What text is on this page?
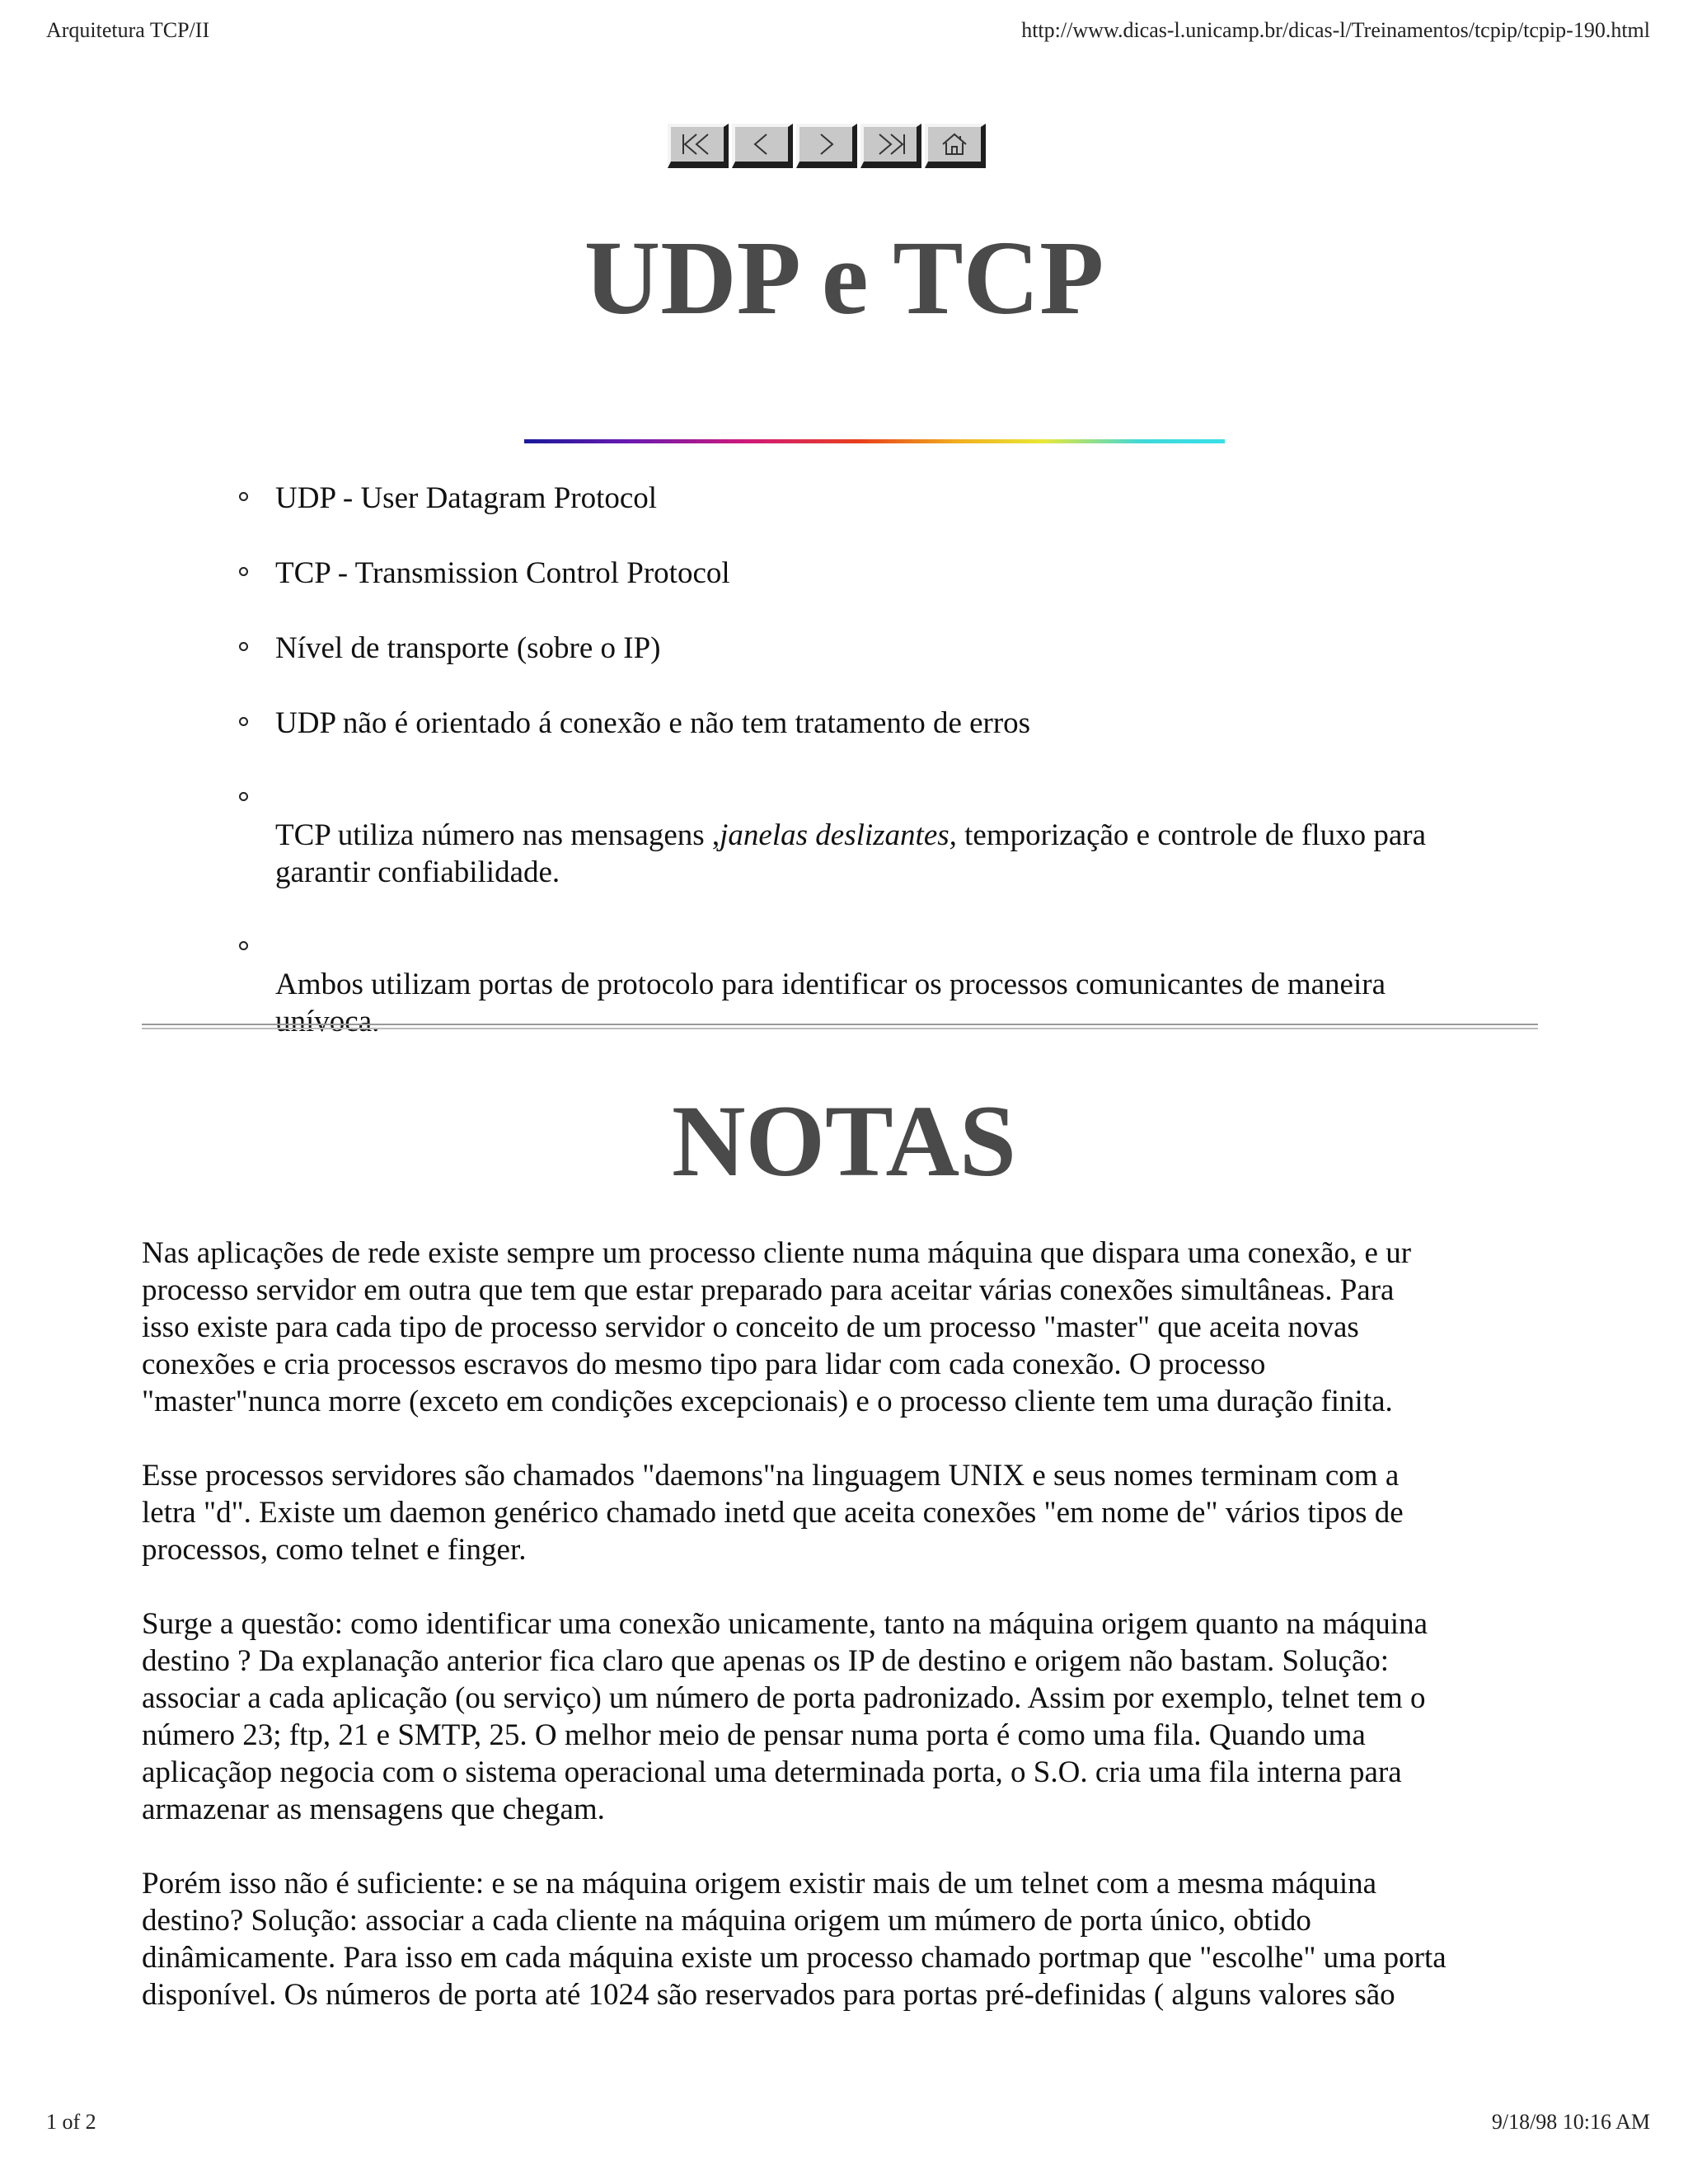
Arquitetura TCP/II	http://www.dicas-l.unicamp.br/dicas-l/Treinamentos/tcpip/tcpip-190.html
UDP e TCP
UDP - User Datagram Protocol
TCP - Transmission Control Protocol
Nível de transporte (sobre o IP)
UDP não é orientado á conexão e não tem tratamento de erros

TCP utiliza número nas mensagens ,janelas deslizantes, temporização e controle de fluxo para
garantir confiabilidade.

Ambos utilizam portas de protocolo para identificar os processos comunicantes de maneira
unívoca.

NOTAS

Nas aplicações de rede existe sempre um processo cliente numa máquina que dispara uma conexão, e ur
processo servidor em outra que tem que estar preparado para aceitar várias conexões simultâneas. Para
isso existe para cada tipo de processo servidor o conceito de um processo "master" que aceita novas
conexões e cria processos escravos do mesmo tipo para lidar com cada conexão. O processo
"master"nunca morre (exceto em condições excepcionais) e o processo cliente tem uma duração finita.

Esse processos servidores são chamados "daemons"na linguagem UNIX e seus nomes terminam com a
letra "d". Existe um daemon genérico chamado inetd que aceita conexões "em nome de" vários tipos de
processos, como telnet e finger.

Surge a questão: como identificar uma conexão unicamente, tanto na máquina origem quanto na máquina
destino ? Da explanação anterior fica claro que apenas os IP de destino e origem não bastam. Solução:
associar a cada aplicação (ou serviço) um número de porta padronizado. Assim por exemplo, telnet tem o
número 23; ftp, 21 e SMTP, 25. O melhor meio de pensar numa porta é como uma fila. Quando uma
aplicaçãop negocia com o sistema operacional uma determinada porta, o S.O. cria uma fila interna para
armazenar as mensagens que chegam.

Porém isso não é suficiente: e se na máquina origem existir mais de um telnet com a mesma máquina
destino? Solução: associar a cada cliente na máquina origem um múmero de porta único, obtido
dinâmicamente. Para isso em cada máquina existe um processo chamado portmap que "escolhe" uma porta
disponível. Os números de porta até 1024 são reservados para portas pré-definidas ( alguns valores são

1 of 2	9/18/98 10:16 AM
